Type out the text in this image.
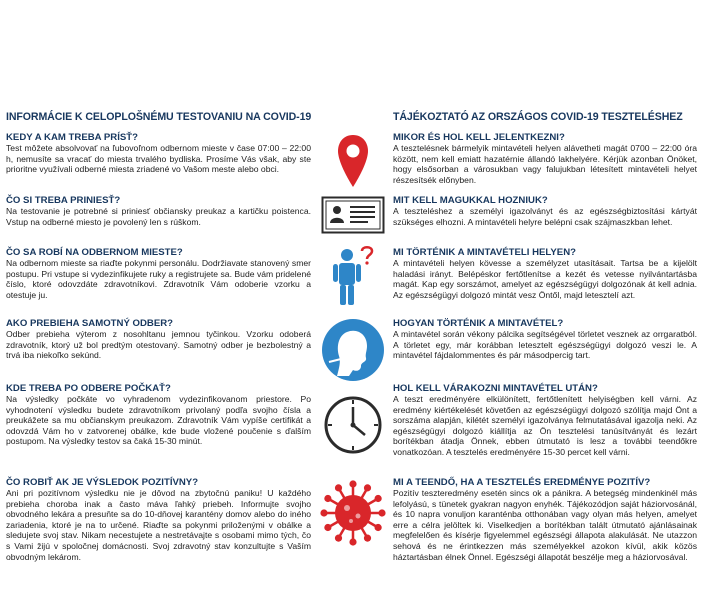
INFORMÁCIE K CELOPLOŠNÉMU TESTOVANIU NA COVID-19

KEDY A KAM TREBA PRÍSŤ?

Test môžete absolvovať na ľubovoľnom odbernom mieste v čase 07:00 – 22:00 h, nemusíte sa vracať do miesta trvalého bydliska. Prosíme Vás však, aby ste prioritne využívali odberné miesta zriadené vo Vašom meste alebo obci.

ČO SI TREBA PRINIESŤ?

Na testovanie je potrebné si priniesť občiansky preukaz a kartičku poistenca. Vstup na odberné miesto je povolený len s rúškom.

ČO SA ROBÍ NA ODBERNOM MIESTE?

Na odbernom mieste sa riaďte pokynmi personálu. Dodržiavate stanovený smer postupu. Pri vstupe si vydezinfikujete ruky a registrujete sa. Bude vám pridelené číslo, ktoré odovzdáte zdravotníkovi. Zdravotník Vám odoberie vzorku a otestuje ju.

AKO PREBIEHA SAMOTNÝ ODBER?

Odber prebieha výterom z nosohltanu jemnou tyčinkou. Vzorku odoberá zdravotník, ktorý už bol predtým otestovaný. Samotný odber je bezbolestný a trvá iba niekoľko sekúnd.

KDE TREBA PO ODBERE POČKAŤ?

Na výsledky počkáte vo vyhradenom vydezinfikovanom priestore. Po vyhodnotení výsledku budete zdravotníkom privolaný podľa svojho čísla a preukážete sa mu občianskym preukazom. Zdravotník Vám vypíše certifikát a odovzdá Vám ho v zatvorenej obálke, kde bude vložené poučenie s ďalším postupom. Na výsledky testov sa čaká 15-30 minút.

ČO ROBIŤ AK JE VÝSLEDOK POZITÍVNY?

Ani pri pozitívnom výsledku nie je dôvod na zbytočnú paniku! U každého prebieha choroba inak a často máva ľahký priebeh. Informujte svojho obvodného lekára a presuňte sa do 10-dňovej karantény domov alebo do iného zariadenia, ktoré je na to určené. Riaďte sa pokynmi priloženými v obálke a sledujete svoj stav. Nikam necestujete a nestretávajte s osobami mimo tých, čo s Vami žijú v spoločnej domácnosti. Svoj zdravotný stav konzultujte s Vaším obvodným lekárom.

TÁJÉKOZTATÓ AZ ORSZÁGOS COVID-19 TESZTELÉSHEZ

MIKOR ÉS HOL KELL JELENTKEZNI?

A tesztelésnek bármelyik mintavételi helyen alávetheti magát 0700 – 22:00 óra között, nem kell emiatt hazatérnie állandó lakhelyére. Kérjük azonban Önöket, hogy elsősorban a városukban vagy falujukban létesített mintavételi helyet részesítsék előnyben.

MIT KELL MAGUKKAL HOZNIUK?

A teszteléshez a személyi igazolványt és az egészségbiztosítási kártyát szükséges elhozni. A mintavételi helyre belépni csak szájmaszkban lehet.

MI TÖRTÉNIK A MINTAVÉTELI HELYEN?

A mintavételi helyen kövesse a személyzet utasításait. Tartsa be a kijelölt haladási irányt. Belépéskor fertőtlenítse a kezét és vetesse nyilvántartásba magát. Kap egy sorszámot, amelyet az egészségügyi dolgozónak át kell adnia. Az egészségügyi dolgozó mintát vesz Öntől, majd letesztelí azt.

HOGYAN TÖRTÉNIK A MINTAVÉTEL?

A mintavétel során vékony pálcika segítségével törletet vesznek az orrgaratból. A törletet egy, már korábban letesztelt egészségügyi dolgozó veszi le. A mintavétel fájdalommentes és pár másodpercig tart.

HOL KELL VÁRAKOZNI MINTAVÉTEL UTÁN?

A teszt eredményére elkülönített, fertőtlenített helyiségben kell várni. Az eredmény kiértékelését követően az egészségügyi dolgozó szólítja majd Önt a sorszáma alapján, kilétét személyi igazolványa felmutatásával igazolja neki. Az egészségügyi dolgozó kiállítja az Ön tesztelési tanúsítványát és lezárt borítékban átadja Önnek, ebben útmutató is lesz a további teendőkre vonatkozóan. A tesztelés eredményére 15-30 percet kell várni.

MI A TEENDŐ, HA A TESZTELÉS EREDMÉNYE POZITÍV?

Pozitív teszteredmény esetén sincs ok a pánikra. A betegség mindenkinél más lefolyású, s tünetek gyakran nagyon enyhék. Tájékozódjon saját háziorvosánál, és 10 napra vonuljon karanténba otthonában vagy olyan más helyen, amelyet erre a célra jelöltek ki. Viselkedjen a borítékban talált útmutató ajánlásainak megfelelően és kísérje figyelemmel egészségi állapota alakulását. Ne utazzon sehová és ne érintkezzen más személyekkel azokon kívül, akik közös háztartásban élnek Önnel. Egészségi állapotát beszélje meg a háziorvosával.
